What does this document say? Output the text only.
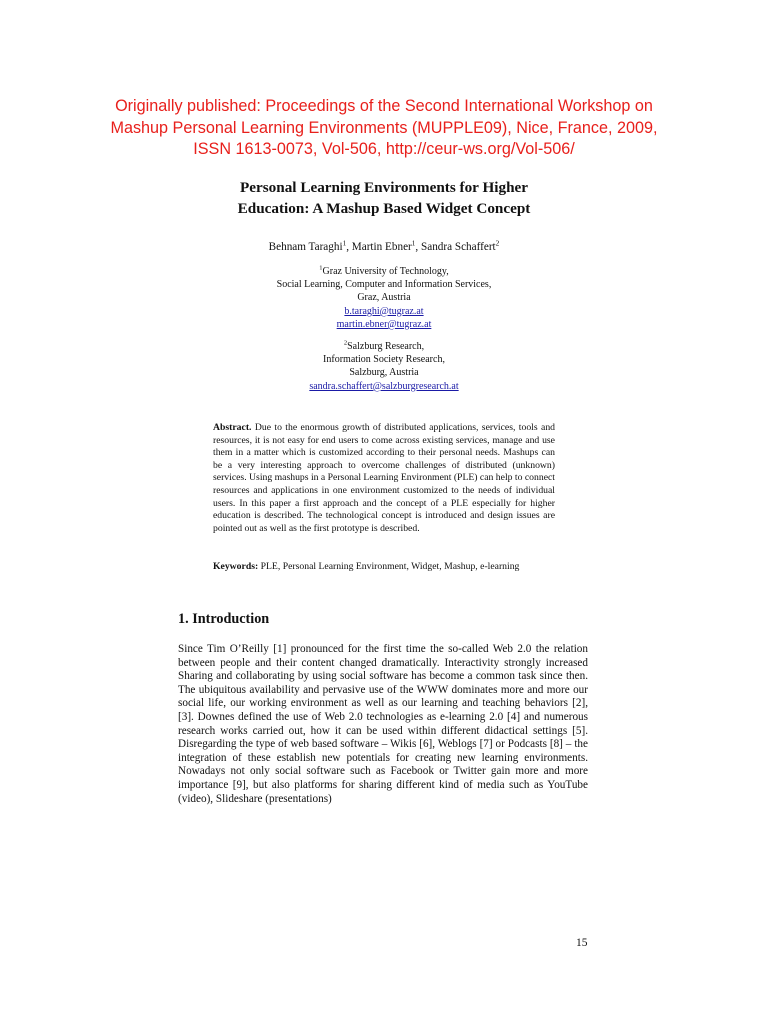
Originally published: Proceedings of the Second International Workshop on
Mashup Personal Learning Environments (MUPPLE09), Nice, France, 2009,
ISSN 1613-0073, Vol-506, http://ceur-ws.org/Vol-506/
Personal Learning Environments for Higher
Education: A Mashup Based Widget Concept
Behnam Taraghi$^1$, Martin Ebner$^1$, Sandra Schaffert$^2$
$^1$Graz University of Technology,
Social Learning, Computer and Information Services,
Graz, Austria
b.taraghi@tugraz.at
martin.ebner@tugraz.at
$^2$Salzburg Research,
Information Society Research,
Salzburg, Austria
sandra.schaffert@salzburgresearch.at
Abstract. Due to the enormous growth of distributed applications, services, tools and resources, it is not easy for end users to come across existing services, manage and use them in a matter which is customized according to their personal needs. Mashups can be a very interesting approach to overcome challenges of distributed (unknown) services. Using mashups in a Personal Learning Environment (PLE) can help to connect resources and applications in one environment customized to the needs of individual users. In this paper a first approach and the concept of a PLE especially for higher education is described. The technological concept is introduced and design issues are pointed out as well as the first prototype is described.
Keywords: PLE, Personal Learning Environment, Widget, Mashup, e-learning
1. Introduction
Since Tim O’Reilly [1] pronounced for the first time the so-called Web 2.0 the relation between people and their content changed dramatically. Interactivity strongly increased Sharing and collaborating by using social software has become a common task since then. The ubiquitous availability and pervasive use of the WWW dominates more and more our social life, our working environment as well as our learning and teaching behaviors [2], [3]. Downes defined the use of Web 2.0 technologies as e-learning 2.0 [4] and numerous research works carried out, how it can be used within different didactical settings [5]. Disregarding the type of web based software – Wikis [6], Weblogs [7] or Podcasts [8] – the integration of these establish new potentials for creating new learning environments. Nowadays not only social software such as Facebook or Twitter gain more and more importance [9], but also platforms for sharing different kind of media such as YouTube (video), Slideshare (presentations)
15
